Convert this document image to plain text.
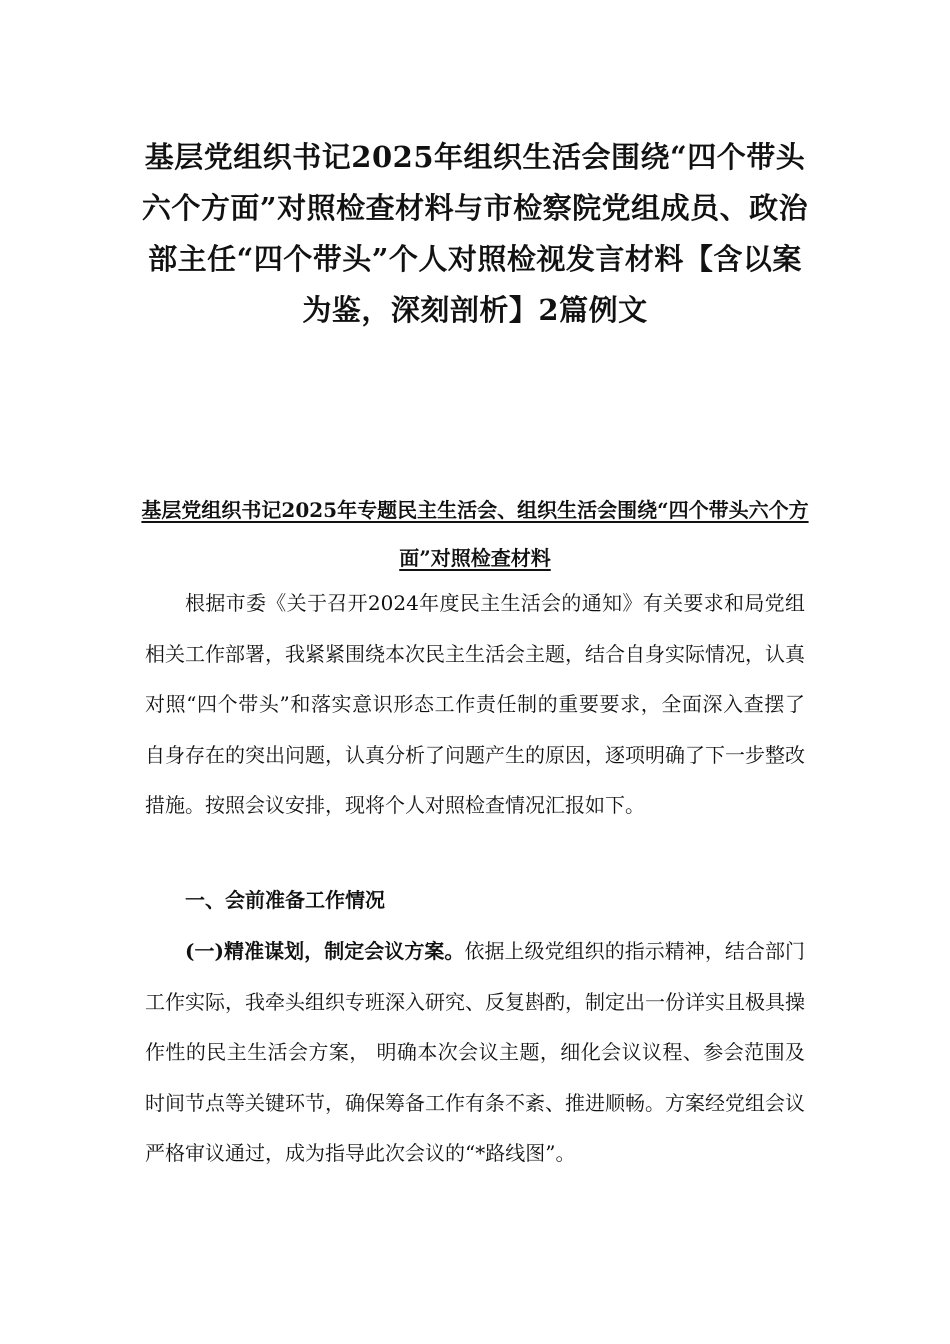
基层党组织书记2025年组织生活会围绕“四个带头六个方面”对照检查材料与市检察院党组成员、政治部主任“四个带头”个人对照检视发言材料【含以案为鉴，深刻剖析】2篇例文
基层党组织书记2025年专题民主生活会、组织生活会围绕“四个带头六个方面”对照检查材料

根据市委《关于召开2024年度民主生活会的通知》有关要求和局党组相关工作部署，我紧紧围绕本次民主生活会主题，结合自身实际情况，认真对照“四个带头”和落实意识形态工作责任制的重要要求，全面深入查摆了自身存在的突出问题，认真分析了问题产生的原因，逐项明确了下一步整改措施。按照会议安排，现将个人对照检查情况汇报如下。

一、会前准备工作情况

(一)精准谋划，制定会议方案。依据上级党组织的指示精神，结合部门工作实际，我牵头组织专班深入研究、反复斟酌，制定出一份详实且极具操作性的民主生活会方案， 明确本次会议主题，细化会议议程、参会范围及时间节点等关键环节，确保筹备工作有条不紊、推进顺畅。方案经党组会议严格审议通过，成为指导此次会议的“*路线图”。
